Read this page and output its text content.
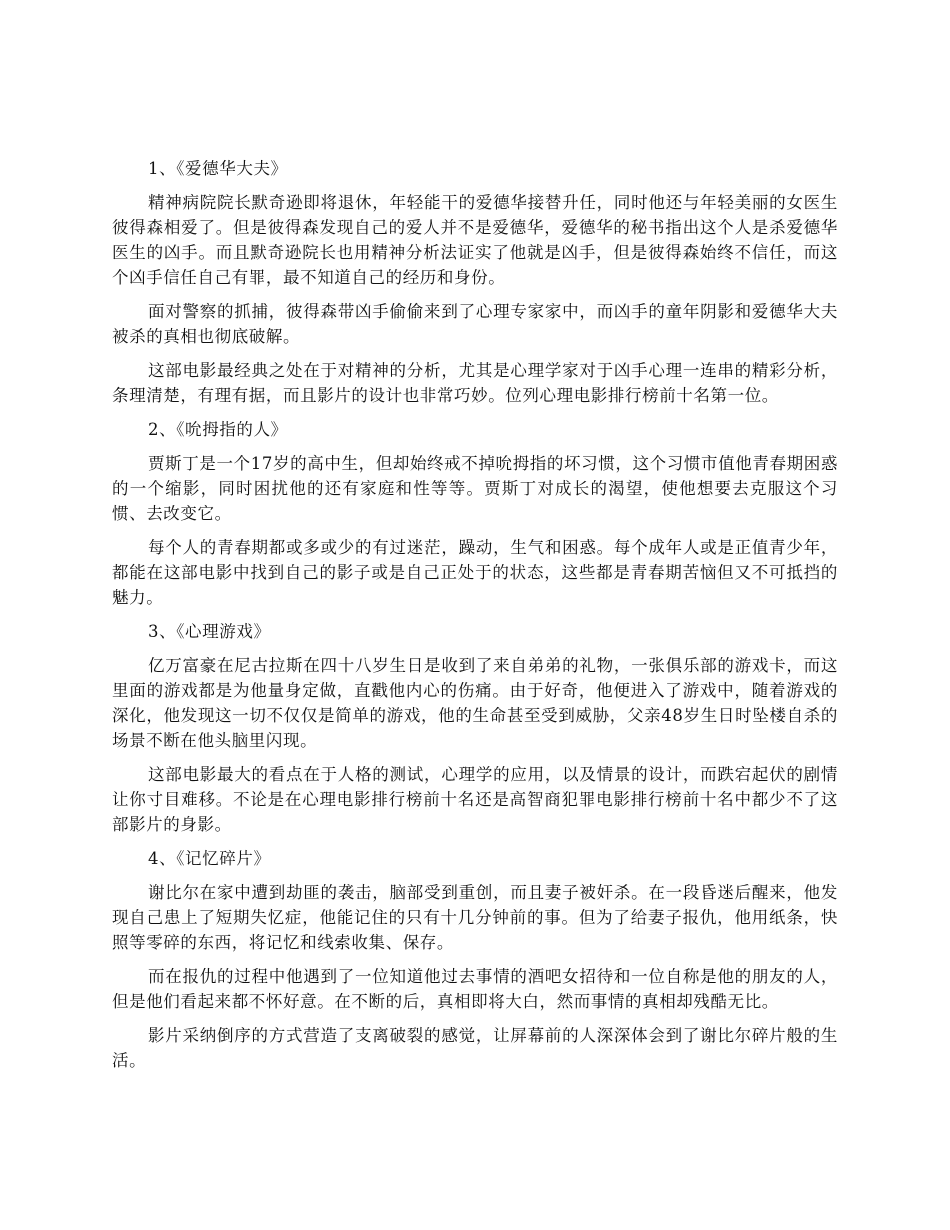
1、《爱德华大夫》

精神病院院长默奇逊即将退休，年轻能干的爱德华接替升任，同时他还与年轻美丽的女医生彼得森相爱了。但是彼得森发现自己的爱人并不是爱德华，爱德华的秘书指出这个人是杀爱德华医生的凶手。而且默奇逊院长也用精神分析法证实了他就是凶手，但是彼得森始终不信任，而这个凶手信任自己有罪，最不知道自己的经历和身份。

面对警察的抓捕，彼得森带凶手偷偷来到了心理专家家中，而凶手的童年阴影和爱德华大夫被杀的真相也彻底破解。

这部电影最经典之处在于对精神的分析，尤其是心理学家对于凶手心理一连串的精彩分析，条理清楚，有理有据，而且影片的设计也非常巧妙。位列心理电影排行榜前十名第一位。

2、《吮拇指的人》

贾斯丁是一个17岁的高中生，但却始终戒不掉吮拇指的坏习惯，这个习惯市值他青春期困惑的一个缩影，同时困扰他的还有家庭和性等等。贾斯丁对成长的渴望，使他想要去克服这个习惯、去改变它。

每个人的青春期都或多或少的有过迷茫，躁动，生气和困惑。每个成年人或是正值青少年，都能在这部电影中找到自己的影子或是自己正处于的状态，这些都是青春期苦恼但又不可抵挡的魅力。

3、《心理游戏》

亿万富豪在尼古拉斯在四十八岁生日是收到了来自弟弟的礼物，一张俱乐部的游戏卡，而这里面的游戏都是为他量身定做，直戳他内心的伤痛。由于好奇，他便进入了游戏中，随着游戏的深化，他发现这一切不仅仅是简单的游戏，他的生命甚至受到威胁，父亲48岁生日时坠楼自杀的场景不断在他头脑里闪现。

这部电影最大的看点在于人格的测试，心理学的应用，以及情景的设计，而跌宕起伏的剧情让你寸目难移。不论是在心理电影排行榜前十名还是高智商犯罪电影排行榜前十名中都少不了这部影片的身影。

4、《记忆碎片》

谢比尔在家中遭到劫匪的袭击，脑部受到重创，而且妻子被奸杀。在一段昏迷后醒来，他发现自己患上了短期失忆症，他能记住的只有十几分钟前的事。但为了给妻子报仇，他用纸条，快照等零碎的东西，将记忆和线索收集、保存。

而在报仇的过程中他遇到了一位知道他过去事情的酒吧女招待和一位自称是他的朋友的人，但是他们看起来都不怀好意。在不断的后，真相即将大白，然而事情的真相却残酷无比。

影片采纳倒序的方式营造了支离破裂的感觉，让屏幕前的人深深体会到了谢比尔碎片般的生活。
